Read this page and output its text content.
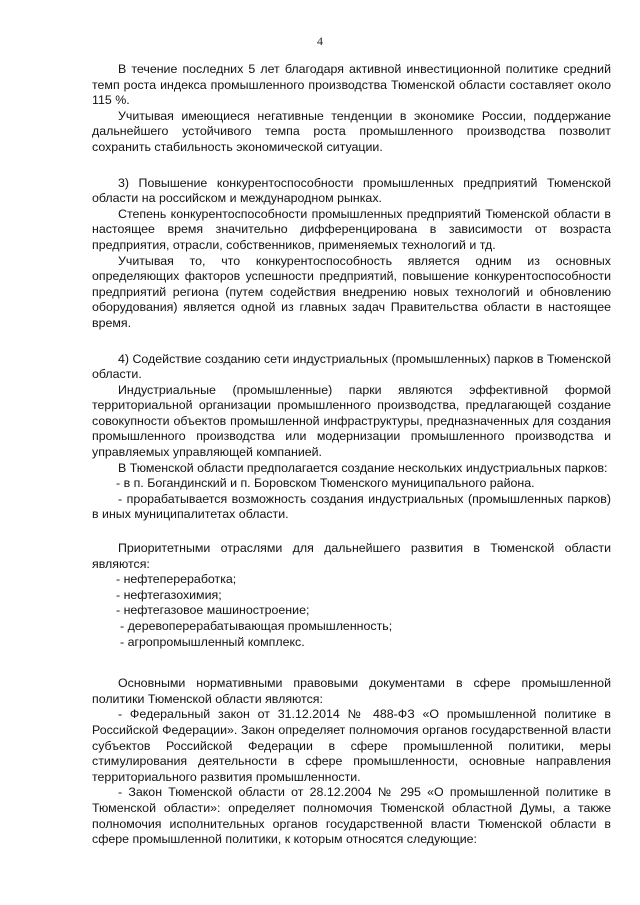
4

В течение последних 5 лет благодаря активной инвестиционной политике средний темп роста индекса промышленного производства Тюменской области составляет около 115 %.

Учитывая имеющиеся негативные тенденции в экономике России, поддержание дальнейшего устойчивого темпа роста промышленного производства позволит сохранить стабильность экономической ситуации.

3) Повышение конкурентоспособности промышленных предприятий Тюменской области на российском и международном рынках.

Степень конкурентоспособности промышленных предприятий Тюменской области в настоящее время значительно дифференцирована в зависимости от возраста предприятия, отрасли, собственников, применяемых технологий и тд.

Учитывая то, что конкурентоспособность является одним из основных определяющих факторов успешности предприятий, повышение конкурентоспособности предприятий региона (путем содействия внедрению новых технологий и обновлению оборудования) является одной из главных задач Правительства области в настоящее время.

4) Содействие созданию сети индустриальных (промышленных) парков в Тюменской области.

Индустриальные (промышленные) парки являются эффективной формой территориальной организации промышленного производства, предлагающей создание совокупности объектов промышленной инфраструктуры, предназначенных для создания промышленного производства или модернизации промышленного производства и управляемых управляющей компанией.

В Тюменской области предполагается создание нескольких индустриальных парков:

- в п. Богандинский и п. Боровском Тюменского муниципального района.

- прорабатывается возможность создания индустриальных (промышленных парков) в иных муниципалитетах области.

Приоритетными отраслями для дальнейшего развития в Тюменской области являются:

- нефтепереработка;

- нефтегазохимия;

- нефтегазовое машиностроение;

- деревоперерабатывающая промышленность;

- агропромышленный комплекс.

Основными нормативными правовыми документами в сфере промышленной политики Тюменской области являются:

- Федеральный закон от 31.12.2014 № 488-ФЗ «О промышленной политике в Российской Федерации». Закон определяет полномочия органов государственной власти субъектов Российской Федерации в сфере промышленной политики, меры стимулирования деятельности в сфере промышленности, основные направления территориального развития промышленности.

- Закон Тюменской области от 28.12.2004 № 295 «О промышленной политике в Тюменской области»: определяет полномочия Тюменской областной Думы, а также полномочия исполнительных органов государственной власти Тюменской области в сфере промышленной политики, к которым относятся следующие:
